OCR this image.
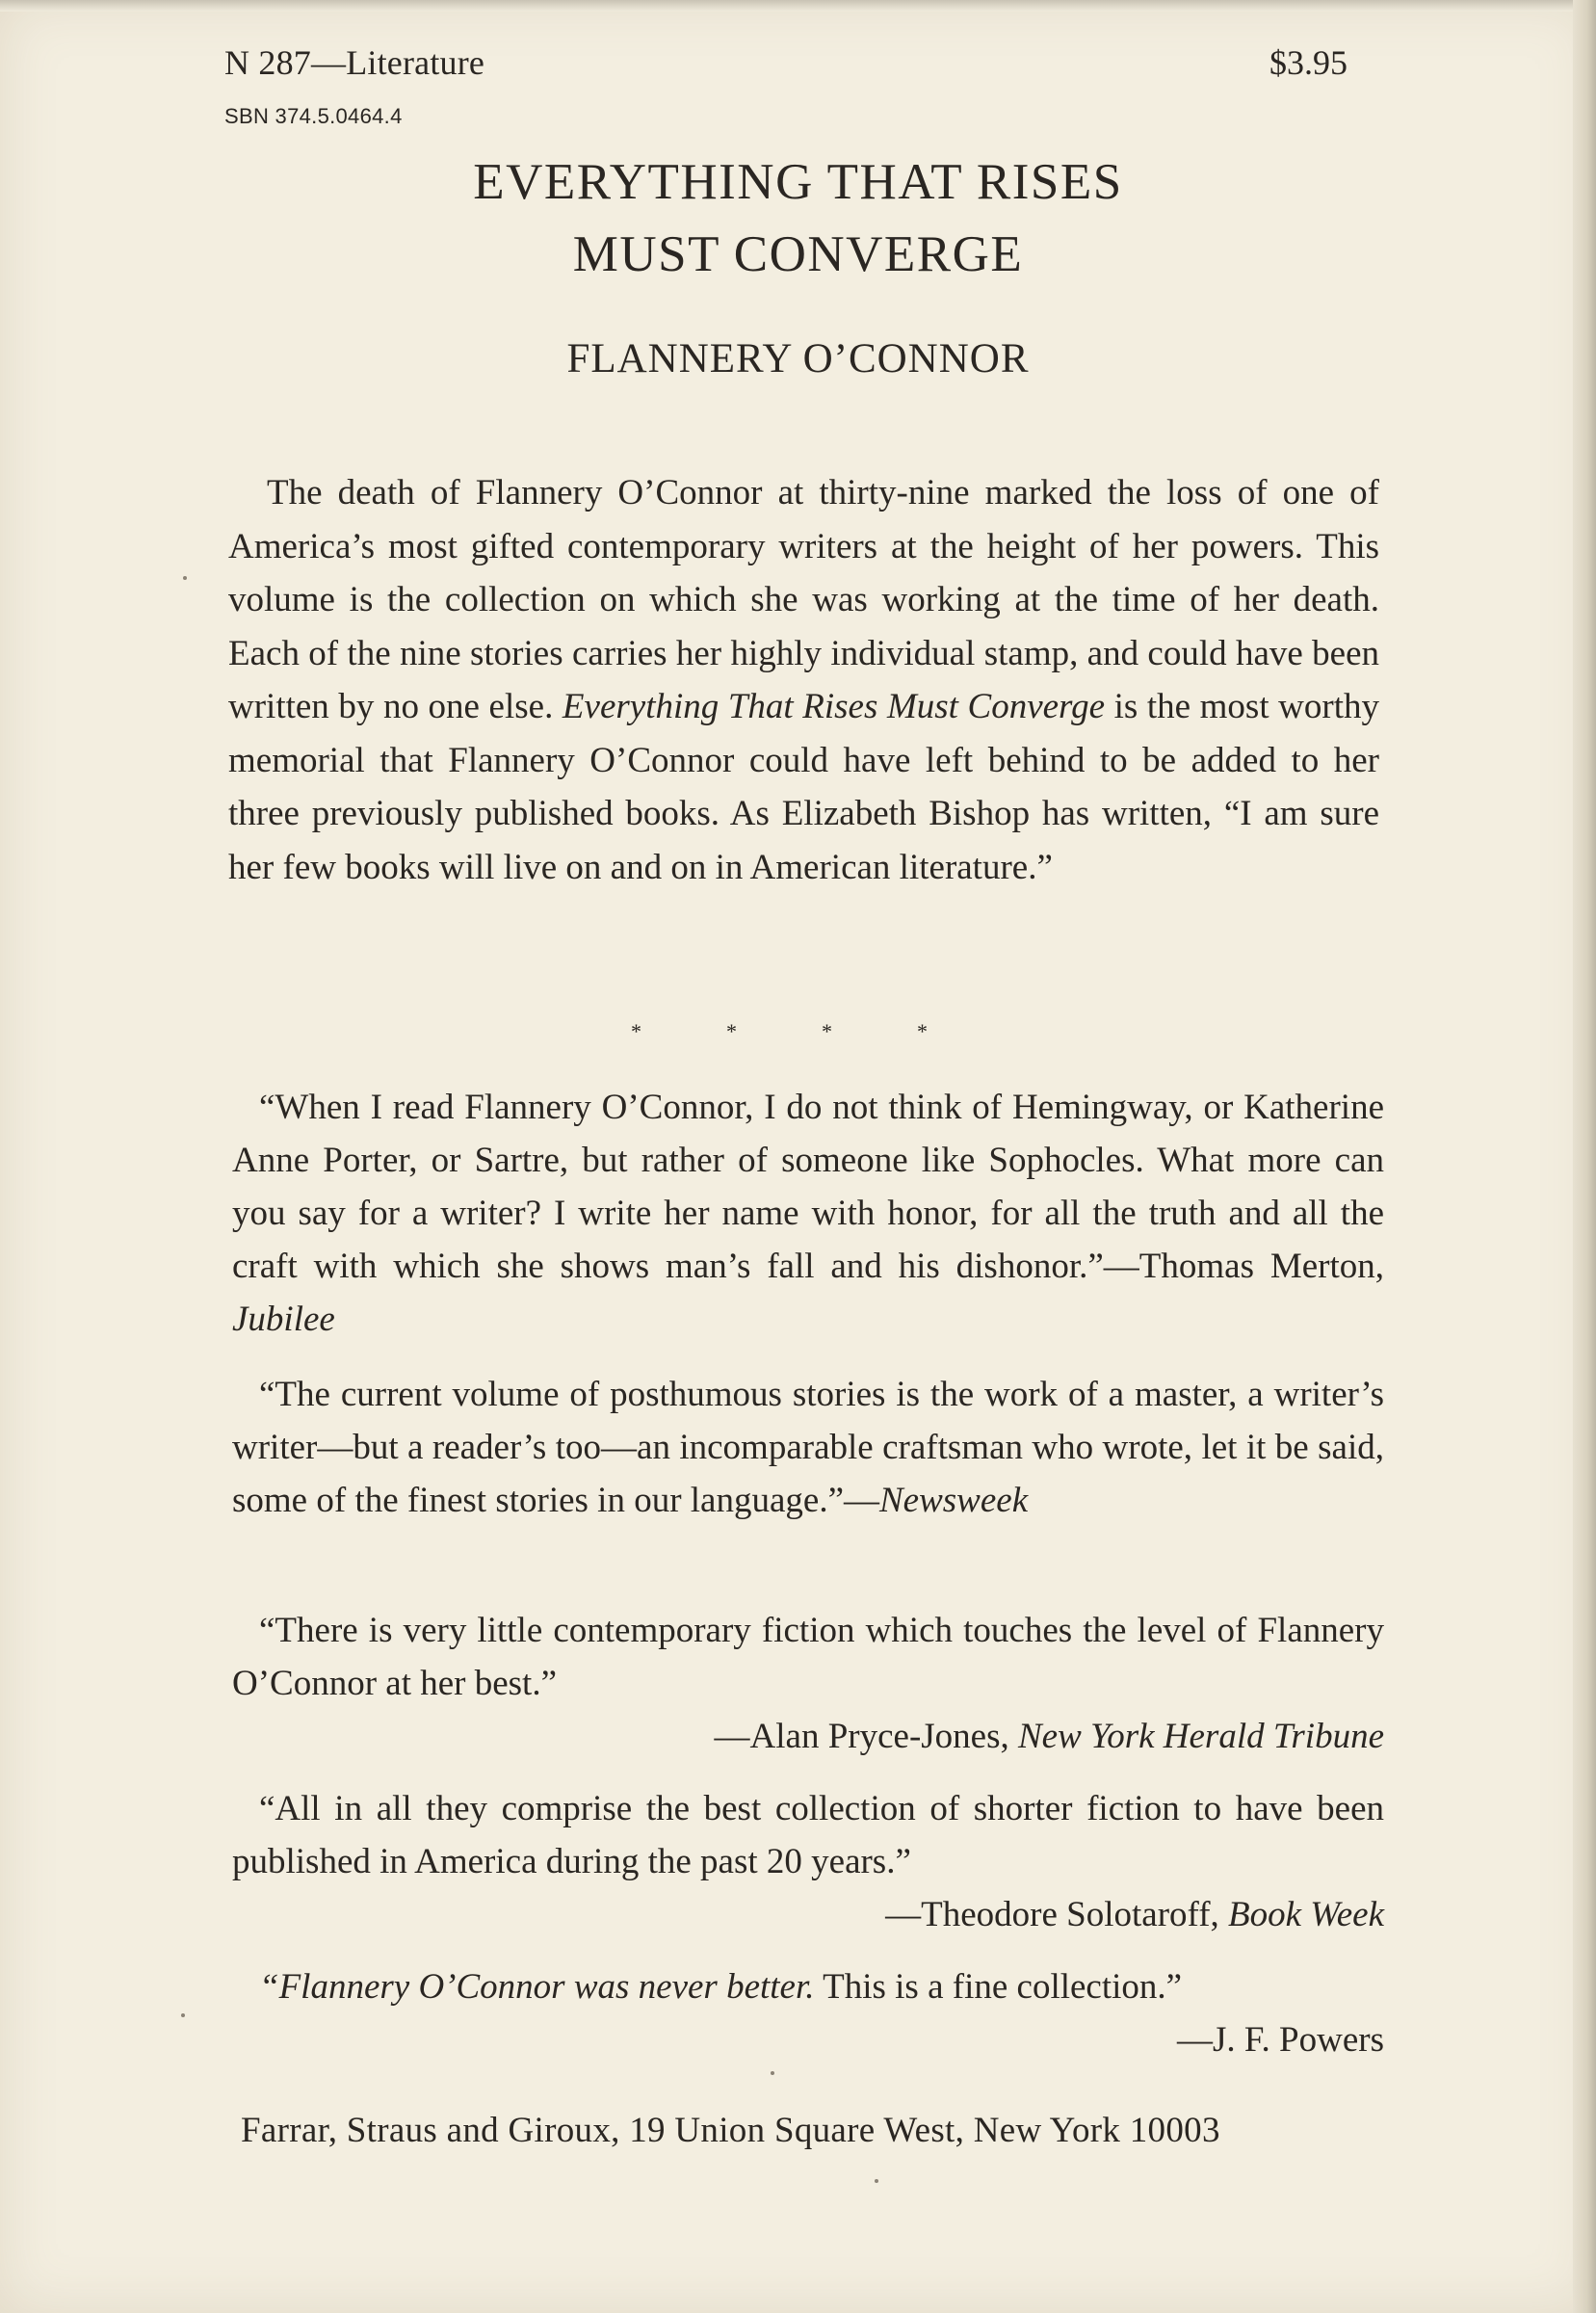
N 287—Literature	$3.95
SBN 374.5.0464.4
EVERYTHING THAT RISES
MUST CONVERGE
FLANNERY O’CONNOR

The death of Flannery O’Connor at thirty-nine marked the loss of one of America’s most gifted contemporary writers at the height of her powers. This volume is the collection on which she was working at the time of her death. Each of the nine stories carries her highly individual stamp, and could have been written by no one else. Everything That Rises Must Converge is the most worthy memorial that Flannery O’Connor could have left behind to be added to her three previously published books. As Elizabeth Bishop has written, “I am sure her few books will live on and on in American literature.”

*	*	*	*

“When I read Flannery O’Connor, I do not think of Hemingway, or Katherine Anne Porter, or Sartre, but rather of someone like Sophocles. What more can you say for a writer? I write her name with honor, for all the truth and all the craft with which she shows man’s fall and his dishonor.”—Thomas Merton, Jubilee

“The current volume of posthumous stories is the work of a master, a writer’s writer—but a reader’s too—an incomparable craftsman who wrote, let it be said, some of the finest stories in our language.”—Newsweek

“There is very little contemporary fiction which touches the level of Flannery O’Connor at her best.”
—Alan Pryce-Jones, New York Herald Tribune

“All in all they comprise the best collection of shorter fiction to have been published in America during the past 20 years.”
—Theodore Solotaroff, Book Week

“Flannery O’Connor was never better. This is a fine collection.”
—J. F. Powers

Farrar, Straus and Giroux, 19 Union Square West, New York 10003
